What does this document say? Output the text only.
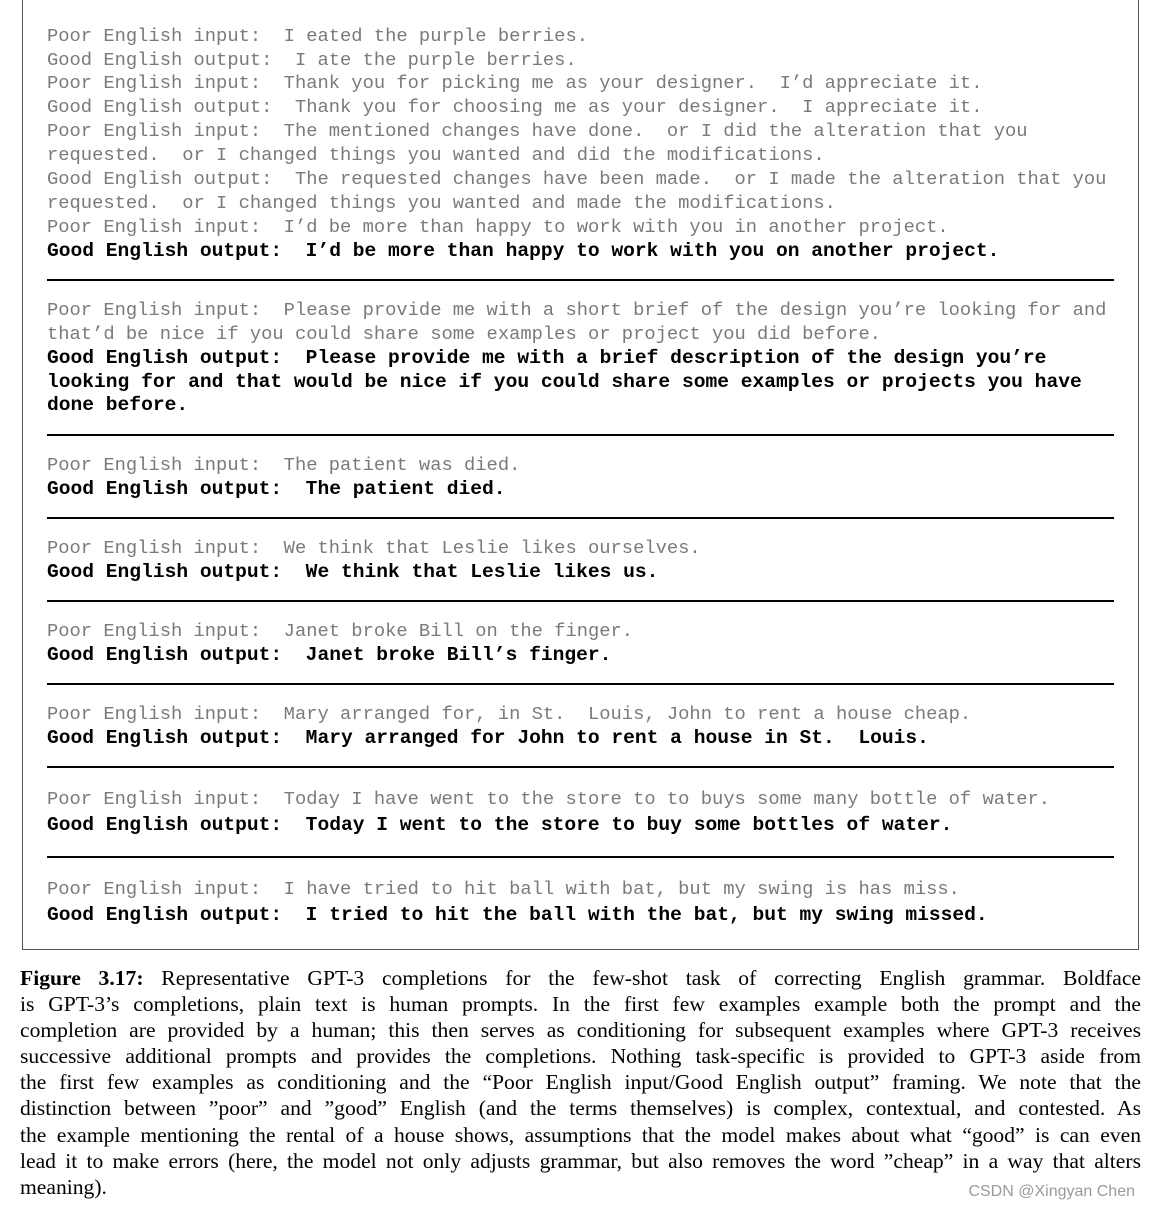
Poor English input:  I eated the purple berries.
Good English output:  I ate the purple berries.
Poor English input:  Thank you for picking me as your designer.  I’d appreciate it.
Good English output:  Thank you for choosing me as your designer.  I appreciate it.
Poor English input:  The mentioned changes have done.  or I did the alteration that you
requested.  or I changed things you wanted and did the modifications.
Good English output:  The requested changes have been made.  or I made the alteration that you
requested.  or I changed things you wanted and made the modifications.
Poor English input:  I’d be more than happy to work with you in another project.
Good English output:  I’d be more than happy to work with you on another project.
Poor English input:  Please provide me with a short brief of the design you’re looking for and
that’d be nice if you could share some examples or project you did before.
Good English output:  Please provide me with a brief description of the design you’re
looking for and that would be nice if you could share some examples or projects you have
done before.
Poor English input:  The patient was died.
Good English output:  The patient died.
Poor English input:  We think that Leslie likes ourselves.
Good English output:  We think that Leslie likes us.
Poor English input:  Janet broke Bill on the finger.
Good English output:  Janet broke Bill’s finger.
Poor English input:  Mary arranged for, in St.  Louis, John to rent a house cheap.
Good English output:  Mary arranged for John to rent a house in St.  Louis.
Poor English input:  Today I have went to the store to to buys some many bottle of water.
Good English output:  Today I went to the store to buy some bottles of water.
Poor English input:  I have tried to hit ball with bat, but my swing is has miss.
Good English output:  I tried to hit the ball with the bat, but my swing missed.
Figure 3.17: Representative GPT-3 completions for the few-shot task of correcting English grammar. Boldface
is GPT-3’s completions, plain text is human prompts. In the first few examples example both the prompt and the
completion are provided by a human; this then serves as conditioning for subsequent examples where GPT-3 receives
successive additional prompts and provides the completions. Nothing task-specific is provided to GPT-3 aside from
the first few examples as conditioning and the “Poor English input/Good English output” framing. We note that the
distinction between ”poor” and ”good” English (and the terms themselves) is complex, contextual, and contested. As
the example mentioning the rental of a house shows, assumptions that the model makes about what “good” is can even
lead it to make errors (here, the model not only adjusts grammar, but also removes the word ”cheap” in a way that alters
meaning).	CSDN @Xingyan Chen
